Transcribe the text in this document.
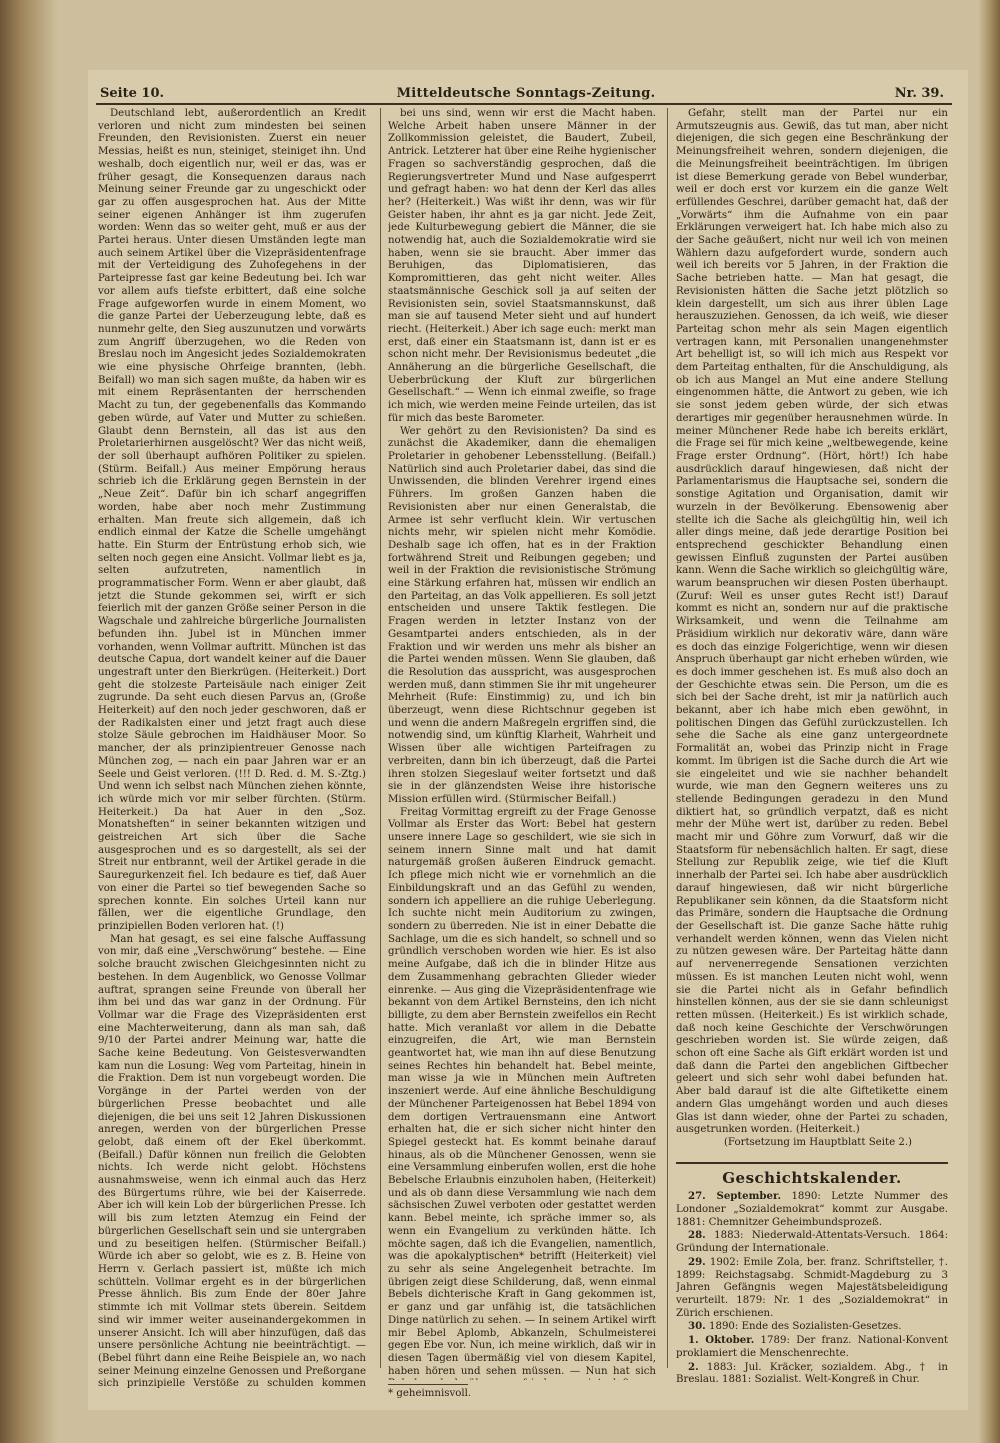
Seite 10.	Mitteldeutsche Sonntags-Zeitung.	Nr. 39.

Deutschland lebt, außerordentlich an Kredit verloren und nicht zum mindesten bei seinen Freunden, den Revisionisten. Zuerst ein neuer Messias, heißt es nun, steiniget, steiniget ihn. Und weshalb, doch eigentlich nur, weil er das, was er früher gesagt, die Konsequenzen daraus nach Meinung seiner Freunde gar zu ungeschickt oder gar zu offen ausgesprochen hat. Aus der Mitte seiner eigenen Anhänger ist ihm zugerufen worden: Wenn das so weiter geht, muß er aus der Partei heraus. Unter diesen Umständen legte man auch seinem Artikel über die Vizepräsidentenfrage mit der Verteidigung des Zuhofegehens in der Parteipresse fast gar keine Bedeutung bei. Ich war vor allem aufs tiefste erbittert, daß eine solche Frage aufgeworfen wurde in einem Moment, wo die ganze Partei der Ueberzeugung lebte, daß es nunmehr gelte, den Sieg auszunutzen und vorwärts zum Angriff überzugehen, wo die Reden von Breslau noch im Angesicht jedes Sozialdemokraten wie eine physische Ohrfeige brannten, (lebh. Beifall) wo man sich sagen mußte, da haben wir es mit einem Repräsentanten der herrschenden Macht zu tun, der gegebenenfalls das Kommando geben würde, auf Vater und Mutter zu schießen. Glaubt denn Bernstein, all das ist aus den Proletarierhirnen ausgelöscht? Wer das nicht weiß, der soll überhaupt aufhören Politiker zu spielen. (Stürm. Beifall.) Aus meiner Empörung heraus schrieb ich die Erklärung gegen Bernstein in der „Neue Zeit“. Dafür bin ich scharf angegriffen worden, habe aber noch mehr Zustimmung erhalten. Man freute sich allgemein, daß ich endlich einmal der Katze die Schelle umgehängt hatte. Ein Sturm der Entrüstung erhob sich, wie selten noch gegen eine Ansicht. Vollmar liebt es ja, selten aufzutreten, namentlich in programmatischer Form. Wenn er aber glaubt, daß jetzt die Stunde gekommen sei, wirft er sich feierlich mit der ganzen Größe seiner Person in die Wagschale und zahlreiche bürgerliche Journalisten befunden ihn. Jubel ist in München immer vorhanden, wenn Vollmar auftritt. München ist das deutsche Capua, dort wandelt keiner auf die Dauer ungestraft unter den Bierkrügen. (Heiterkeit.) Dort geht die stolzeste Parteisäule nach einiger Zeit zugrunde. Da seht euch diesen Parvus an, (Große Heiterkeit) auf den noch jeder geschworen, daß er der Radikalsten einer und jetzt fragt auch diese stolze Säule gebrochen im Haidhäuser Moor. So mancher, der als prinzipientreuer Genosse nach München zog, — nach ein paar Jahren war er an Seele und Geist verloren. (!!! D. Red. d. M. S.-Ztg.) Und wenn ich selbst nach München ziehen könnte, ich würde mich vor mir selber fürchten. (Stürm. Heiterkeit.) Da hat Auer in den „Soz. Monatsheften“ in seiner bekannten witzigen und geistreichen Art sich über die Sache ausgesprochen und es so dargestellt, als sei der Streit nur entbrannt, weil der Artikel gerade in die Sauregurkenzeit fiel. Ich bedaure es tief, daß Auer von einer die Partei so tief bewegenden Sache so sprechen konnte. Ein solches Urteil kann nur fällen, wer die eigentliche Grundlage, den prinzipiellen Boden verloren hat. (!)

Man hat gesagt, es sei eine falsche Auffassung von mir, daß eine „Verschwörung“ bestehe. — Eine solche braucht zwischen Gleichgesinnten nicht zu bestehen. In dem Augenblick, wo Genosse Vollmar auftrat, sprangen seine Freunde von überall her ihm bei und das war ganz in der Ordnung. Für Vollmar war die Frage des Vizepräsidenten erst eine Machterweiterung, dann als man sah, daß 9/10 der Partei andrer Meinung war, hatte die Sache keine Bedeutung. Von Geistesverwandten kam nun die Losung: Weg vom Parteitag, hinein in die Fraktion. Dem ist nun vorgebeugt worden. Die Vorgänge in der Partei werden von der bürgerlichen Presse beobachtet und alle diejenigen, die bei uns seit 12 Jahren Diskussionen anregen, werden von der bürgerlichen Presse gelobt, daß einem oft der Ekel überkommt. (Beifall.) Dafür können nun freilich die Gelobten nichts. Ich werde nicht gelobt. Höchstens ausnahmsweise, wenn ich einmal auch das Herz des Bürgertums rühre, wie bei der Kaiserrede. Aber ich will kein Lob der bürgerlichen Presse. Ich will bis zum letzten Atemzug ein Feind der bürgerlichen Gesellschaft sein und sie untergraben und zu beseitigen helfen. (Stürmischer Beifall.) Würde ich aber so gelobt, wie es z. B. Heine von Herrn v. Gerlach passiert ist, müßte ich mich schütteln. Vollmar ergeht es in der bürgerlichen Presse ähnlich. Bis zum Ende der 80er Jahre stimmte ich mit Vollmar stets überein. Seitdem sind wir immer weiter auseinandergekommen in unserer Ansicht. Ich will aber hinzufügen, daß das unsere persönliche Achtung nie beeinträchtigt. — (Bebel führt dann eine Reihe Beispiele an, wo nach seiner Meinung einzelne Genossen und Preßorgane sich prinzipielle Verstöße zu schulden kommen

bei uns sind, wenn wir erst die Macht haben. Welche Arbeit haben unsere Männer in der Zollkommission geleistet, die Baudert, Zubeil, Antrick. Letzterer hat über eine Reihe hygienischer Fragen so sachverständig gesprochen, daß die Regierungsvertreter Mund und Nase aufgesperrt und gefragt haben: wo hat denn der Kerl das alles her? (Heiterkeit.) Was wißt ihr denn, was wir für Geister haben, ihr ahnt es ja gar nicht. Jede Zeit, jede Kulturbewegung gebiert die Männer, die sie notwendig hat, auch die Sozialdemokratie wird sie haben, wenn sie sie braucht. Aber immer das Beruhigen, das Diplomatisieren, das Kompromittieren, das geht nicht weiter. Alles staatsmännische Geschick soll ja auf seiten der Revisionisten sein, soviel Staatsmannskunst, daß man sie auf tausend Meter sieht und auf hundert riecht. (Heiterkeit.) Aber ich sage euch: merkt man erst, daß einer ein Staatsmann ist, dann ist er es schon nicht mehr. Der Revisionismus bedeutet „die Annäherung an die bürgerliche Gesellschaft, die Ueberbrückung der Kluft zur bürgerlichen Gesellschaft.“ — Wenn ich einmal zweifle, so frage ich mich, wie werden meine Feinde urteilen, das ist für mich das beste Barometer.

Wer gehört zu den Revisionisten? Da sind es zunächst die Akademiker, dann die ehemaligen Proletarier in gehobener Lebensstellung. (Beifall.) Natürlich sind auch Proletarier dabei, das sind die Unwissenden, die blinden Verehrer irgend eines Führers. Im großen Ganzen haben die Revisionisten aber nur einen Generalstab, die Armee ist sehr verflucht klein. Wir vertuschen nichts mehr, wir spielen nicht mehr Komödie. Deshalb sage ich offen, hat es in der Fraktion fortwährend Streit und Reibungen gegeben; und weil in der Fraktion die revisionistische Strömung eine Stärkung erfahren hat, müssen wir endlich an den Parteitag, an das Volk appellieren. Es soll jetzt entscheiden und unsere Taktik festlegen. Die Fragen werden in letzter Instanz von der Gesamtpartei anders entschieden, als in der Fraktion und wir werden uns mehr als bisher an die Partei wenden müssen. Wenn Sie glauben, daß die Resolution das ausspricht, was ausgesprochen werden muß, dann stimmen Sie ihr mit ungeheurer Mehrheit (Rufe: Einstimmig) zu, und ich bin überzeugt, wenn diese Richtschnur gegeben ist und wenn die andern Maßregeln ergriffen sind, die notwendig sind, um künftig Klarheit, Wahrheit und Wissen über alle wichtigen Parteifragen zu verbreiten, dann bin ich überzeugt, daß die Partei ihren stolzen Siegeslauf weiter fortsetzt und daß sie in der glänzendsten Weise ihre historische Mission erfüllen wird. (Stürmischer Beifall.)

Freitag Vormittag ergreift zu der Frage Genosse Vollmar als Erster das Wort: Bebel hat gestern unsere innere Lage so geschildert, wie sie sich in seinem innern Sinne malt und hat damit naturgemäß großen äußeren Eindruck gemacht. Ich pflege mich nicht wie er vornehmlich an die Einbildungskraft und an das Gefühl zu wenden, sondern ich appelliere an die ruhige Ueberlegung. Ich suchte nicht mein Auditorium zu zwingen, sondern zu überreden. Nie ist in einer Debatte die Sachlage, um die es sich handelt, so schnell und so gründlich verschoben worden wie hier. Es ist also meine Aufgabe, daß ich die in blinder Hitze aus dem Zusammenhang gebrachten Glieder wieder einrenke. — Aus ging die Vizepräsidentenfrage wie bekannt von dem Artikel Bernsteins, den ich nicht billigte, zu dem aber Bernstein zweifellos ein Recht hatte. Mich veranlaßt vor allem in die Debatte einzugreifen, die Art, wie man Bernstein geantwortet hat, wie man ihn auf diese Benutzung seines Rechtes hin behandelt hat. Bebel meinte, man wisse ja wie in München mein Auftreten inszeniert werde. Auf eine ähnliche Beschuldigung der Münchener Parteigenossen hat Bebel 1894 von dem dortigen Vertrauensmann eine Antwort erhalten hat, die er sich sicher nicht hinter den Spiegel gesteckt hat. Es kommt beinahe darauf hinaus, als ob die Münchener Genossen, wenn sie eine Versammlung einberufen wollen, erst die hohe Bebelsche Erlaubnis einzuholen haben, (Heiterkeit) und als ob dann diese Versammlung wie nach dem sächsischen Zuwel verboten oder gestattet werden kann. Bebel meinte, ich spräche immer so, als wenn ein Evangelium zu verkünden hätte. Ich möchte sagen, daß ich die Evangelien, namentlich, was die apokalyptischen* betrifft (Heiterkeit) viel zu sehr als seine Angelegenheit betrachte. Im übrigen zeigt diese Schilderung, daß, wenn einmal Bebels dichterische Kraft in Gang gekommen ist, er ganz und gar unfähig ist, die tatsächlichen Dinge natürlich zu sehen. — In seinem Artikel wirft mir Bebel Aplomb, Abkanzeln, Schulmeisterei gegen Ebe vor. Nun, ich meine wirklich, daß wir in diesen Tagen übermäßig viel von diesem Kapitel, haben hören und sehen müssen. — Nun hat sich

* geheimnisvoll.

Gefahr, stellt man der Partei nur ein Armutszeugnis aus. Gewiß, das tut man, aber nicht diejenigen, die sich gegen eine Beschränkung der Meinungsfreiheit wehren, sondern diejenigen, die die Meinungsfreiheit beeinträchtigen. Im übrigen ist diese Bemerkung gerade von Bebel wunderbar, weil er doch erst vor kurzem ein die ganze Welt erfüllendes Geschrei, darüber gemacht hat, daß der „Vorwärts“ ihm die Aufnahme von ein paar Erklärungen verweigert hat. Ich habe mich also zu der Sache geäußert, nicht nur weil ich von meinen Wählern dazu aufgefordert wurde, sondern auch weil ich bereits vor 5 Jahren, in der Fraktion die Sache betrieben hatte. — Man hat gesagt, die Revisionisten hätten die Sache jetzt plötzlich so klein dargestellt, um sich aus ihrer üblen Lage herauszuziehen. Genossen, da ich weiß, wie dieser Parteitag schon mehr als sein Magen eigentlich vertragen kann, mit Personalien unangenehmster Art behelligt ist, so will ich mich aus Respekt vor dem Parteitag enthalten, für die Anschuldigung, als ob ich aus Mangel an Mut eine andere Stellung eingenommen hätte, die Antwort zu geben, wie ich sie sonst jedem geben würde, der sich etwas derartiges mir gegenüber herausnehmen würde. In meiner Münchener Rede habe ich bereits erklärt, die Frage sei für mich keine „weltbewegende, keine Frage erster Ordnung“. (Hört, hört!) Ich habe ausdrücklich darauf hingewiesen, daß nicht der Parlamentarismus die Hauptsache sei, sondern die sonstige Agitation und Organisation, damit wir wurzeln in der Bevölkerung. Ebensowenig aber stellte ich die Sache als gleichgültig hin, weil ich aller dings meine, daß jede derartige Position bei entsprechend geschickter Behandlung einen gewissen Einfluß zugunsten der Partei ausüben kann. Wenn die Sache wirklich so gleichgültig wäre, warum beanspruchen wir diesen Posten überhaupt. (Zuruf: Weil es unser gutes Recht ist!) Darauf kommt es nicht an, sondern nur auf die praktische Wirksamkeit, und wenn die Teilnahme am Präsidium wirklich nur dekorativ wäre, dann wäre es doch das einzige Folgerichtige, wenn wir diesen Anspruch überhaupt gar nicht erheben würden, wie es doch immer geschehen ist. Es muß also doch an der Geschichte etwas sein. Die Person, um die es sich bei der Sache dreht, ist mir ja natürlich auch bekannt, aber ich habe mich eben gewöhnt, in politischen Dingen das Gefühl zurückzustellen. Ich sehe die Sache als eine ganz untergeordnete Formalität an, wobei das Prinzip nicht in Frage kommt. Im übrigen ist die Sache durch die Art wie sie eingeleitet und wie sie nachher behandelt wurde, wie man den Gegnern weiteres uns zu stellende Bedingungen geradezu in den Mund diktiert hat, so gründlich verpatzt, daß es nicht mehr der Mühe wert ist, darüber zu reden. Bebel macht mir und Göhre zum Vorwurf, daß wir die Staatsform für nebensächlich halten. Er sagt, diese Stellung zur Republik zeige, wie tief die Kluft innerhalb der Partei sei. Ich habe aber ausdrücklich darauf hingewiesen, daß wir nicht bürgerliche Republikaner sein können, da die Staatsform nicht das Primäre, sondern die Hauptsache die Ordnung der Gesellschaft ist. Die ganze Sache hätte ruhig verhandelt werden können, wenn das Vielen nicht zu nützen gewesen wäre. Der Parteitag hätte dann auf nervenerregende Sensationen verzichten müssen. Es ist manchen Leuten nicht wohl, wenn sie die Partei nicht als in Gefahr befindlich hinstellen können, aus der sie sie dann schleunigst retten müssen. (Heiterkeit.) Es ist wirklich schade, daß noch keine Geschichte der Verschwörungen geschrieben worden ist. Sie würde zeigen, daß schon oft eine Sache als Gift erklärt worden ist und daß dann die Partei den angeblichen Giftbecher geleert und sich sehr wohl dabei befunden hat. Aber bald darauf ist die alte Giftetikette einem andern Glas umgehängt worden und auch dieses Glas ist dann wieder, ohne der Partei zu schaden, ausgetrunken worden. (Heiterkeit.)

(Fortsetzung im Hauptblatt Seite 2.)

Geschichtskalender.

27. September. 1890: Letzte Nummer des Londoner „Sozialdemokrat“ kommt zur Ausgabe. 1881: Chemnitzer Geheimbundsprozeß.

28. 1883: Niederwald-Attentats-Versuch. 1864: Gründung der Internationale.

29. 1902: Emile Zola, ber. franz. Schriftsteller, †. 1899: Reichstagsabg. Schmidt-Magdeburg zu 3 Jahren Gefängnis wegen Majestätsbeleidigung verurteilt. 1879: Nr. 1 des „Sozialdemokrat“ in Zürich erschienen.

30. 1890: Ende des Sozialisten-Gesetzes.

1. Oktober. 1789: Der franz. National-Konvent proklamiert die Menschenrechte.

2. 1883: Jul. Kräcker, sozialdem. Abg., † in Breslau. 1881: Sozialist. Welt-Kongreß in Chur.
